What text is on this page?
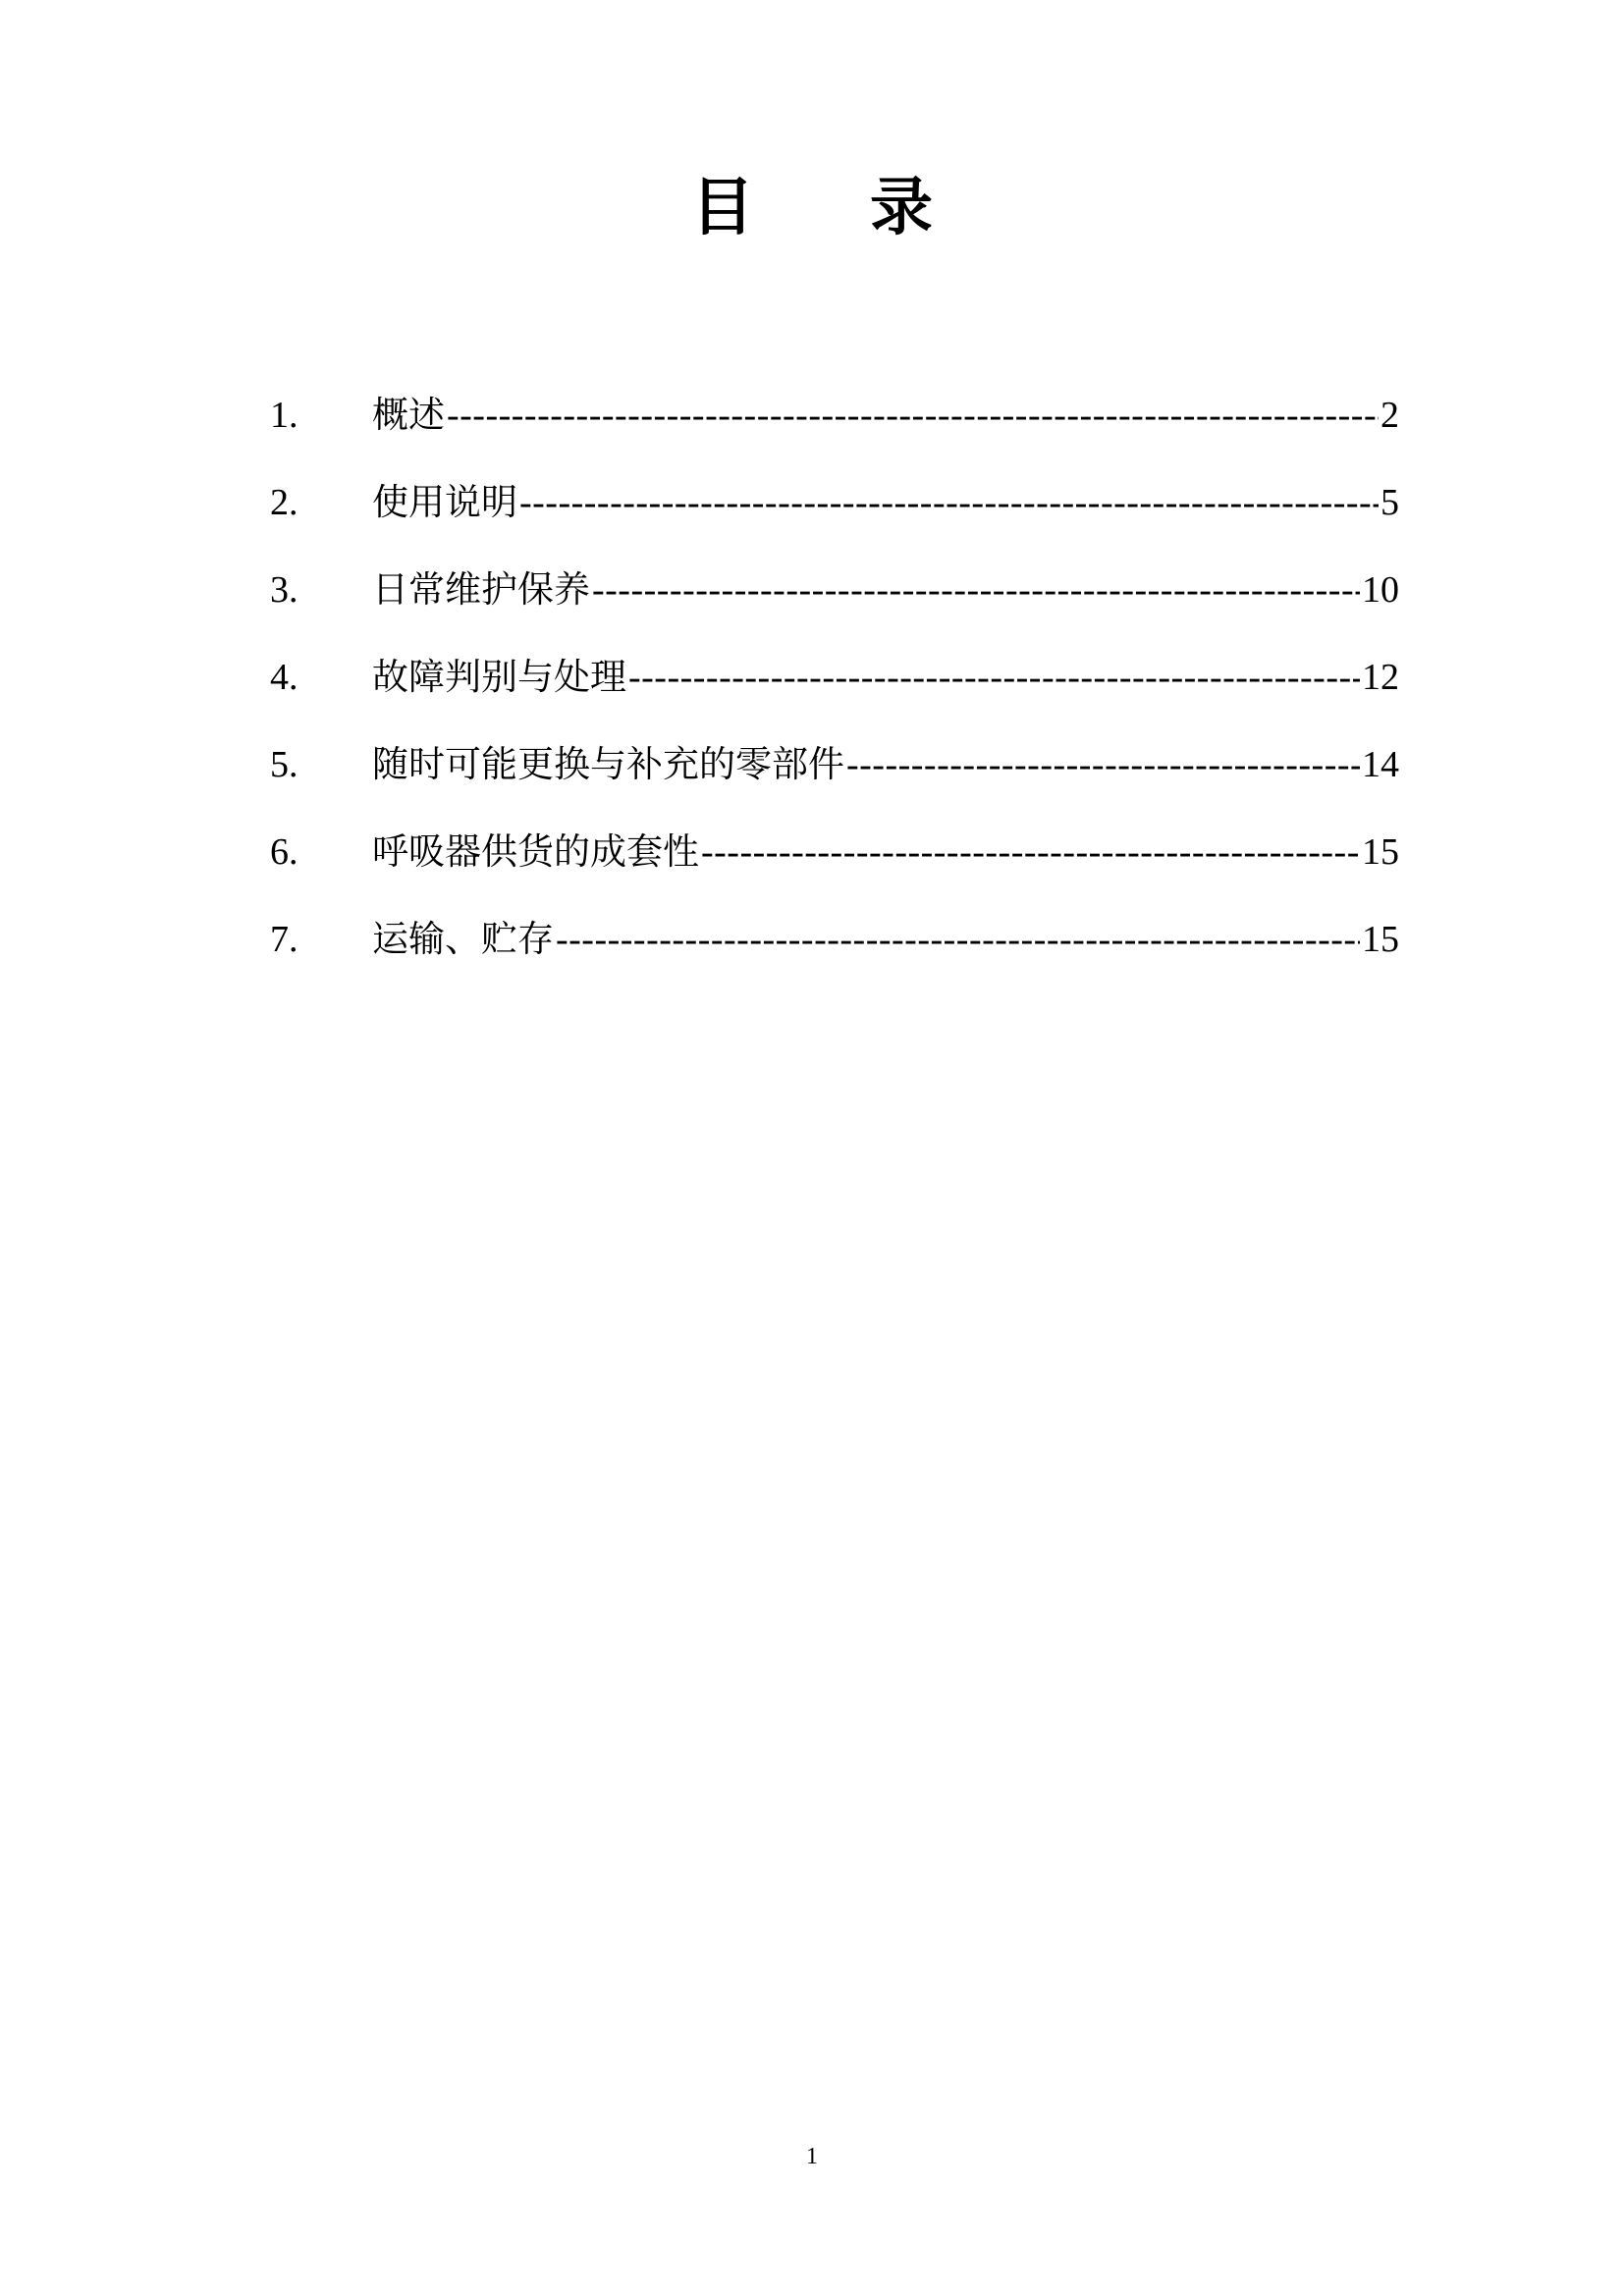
目 录
1.	概述 -----	2
2.	使用说明 -----	5
3.	日常维护保养 -----	10
4.	故障判别与处理 -----	12
5.	随时可能更换与补充的零部件 -----	14
6.	呼吸器供货的成套性 -----	15
7.	运输、贮存 -----	15
1
